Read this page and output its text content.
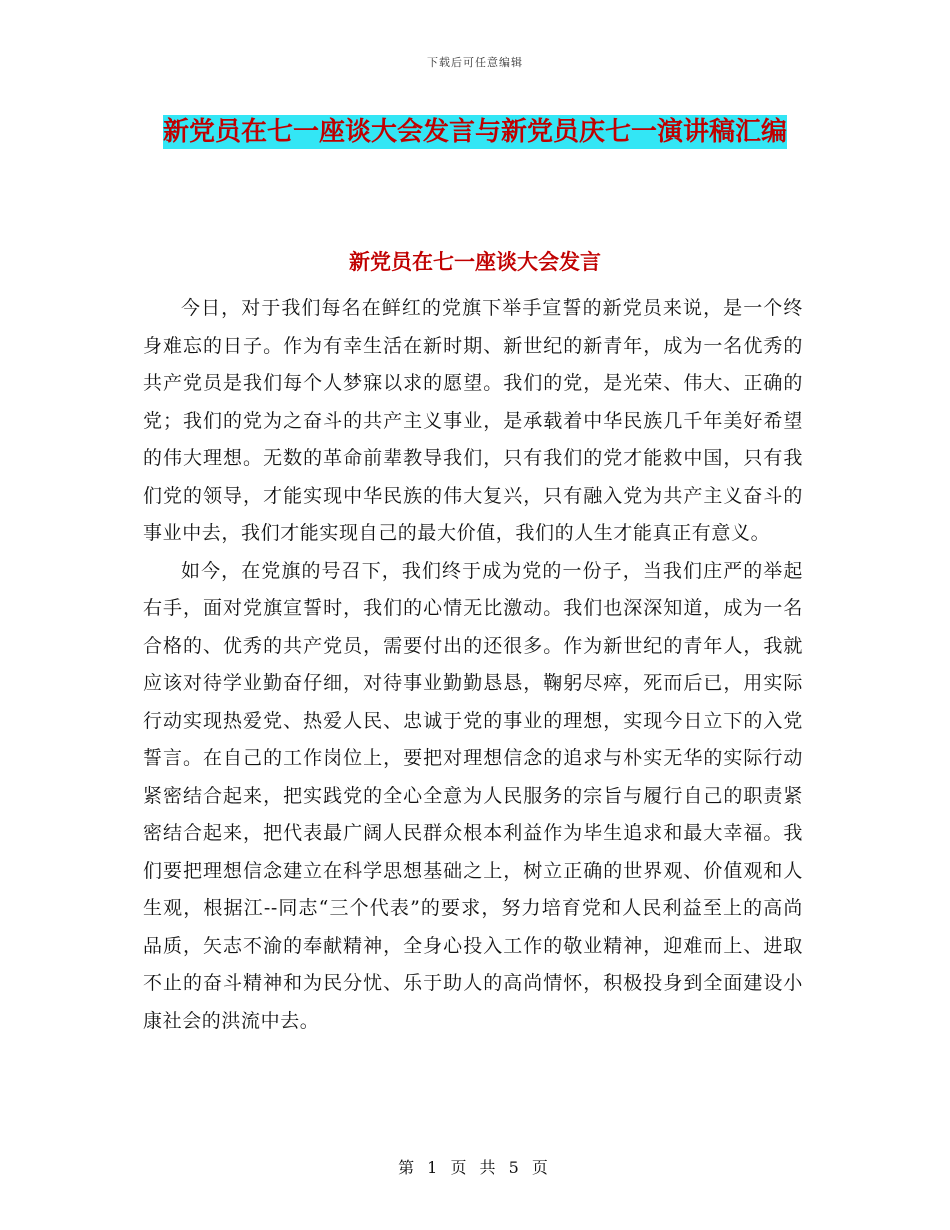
下载后可任意编辑
新党员在七一座谈大会发言与新党员庆七一演讲稿汇编
新党员在七一座谈大会发言

今日，对于我们每名在鲜红的党旗下举手宣誓的新党员来说，是一个终身难忘的日子。作为有幸生活在新时期、新世纪的新青年，成为一名优秀的共产党员是我们每个人梦寐以求的愿望。我们的党，是光荣、伟大、正确的党；我们的党为之奋斗的共产主义事业，是承载着中华民族几千年美好希望的伟大理想。无数的革命前辈教导我们，只有我们的党才能救中国，只有我们党的领导，才能实现中华民族的伟大复兴，只有融入党为共产主义奋斗的事业中去，我们才能实现自己的最大价值，我们的人生才能真正有意义。

如今，在党旗的号召下，我们终于成为党的一份子，当我们庄严的举起右手，面对党旗宣誓时，我们的心情无比激动。我们也深深知道，成为一名合格的、优秀的共产党员，需要付出的还很多。作为新世纪的青年人，我就应该对待学业勤奋仔细，对待事业勤勤恳恳，鞠躬尽瘁，死而后已，用实际行动实现热爱党、热爱人民、忠诚于党的事业的理想，实现今日立下的入党誓言。在自己的工作岗位上，要把对理想信念的追求与朴实无华的实际行动紧密结合起来，把实践党的全心全意为人民服务的宗旨与履行自己的职责紧密结合起来，把代表最广阔人民群众根本利益作为毕生追求和最大幸福。我们要把理想信念建立在科学思想基础之上，树立正确的世界观、价值观和人生观，根据江--同志“三个代表”的要求，努力培育党和人民利益至上的高尚品质，矢志不渝的奉献精神，全身心投入工作的敬业精神，迎难而上、进取不止的奋斗精神和为民分忧、乐于助人的高尚情怀，积极投身到全面建设小康社会的洪流中去。

第 1 页 共 5 页
